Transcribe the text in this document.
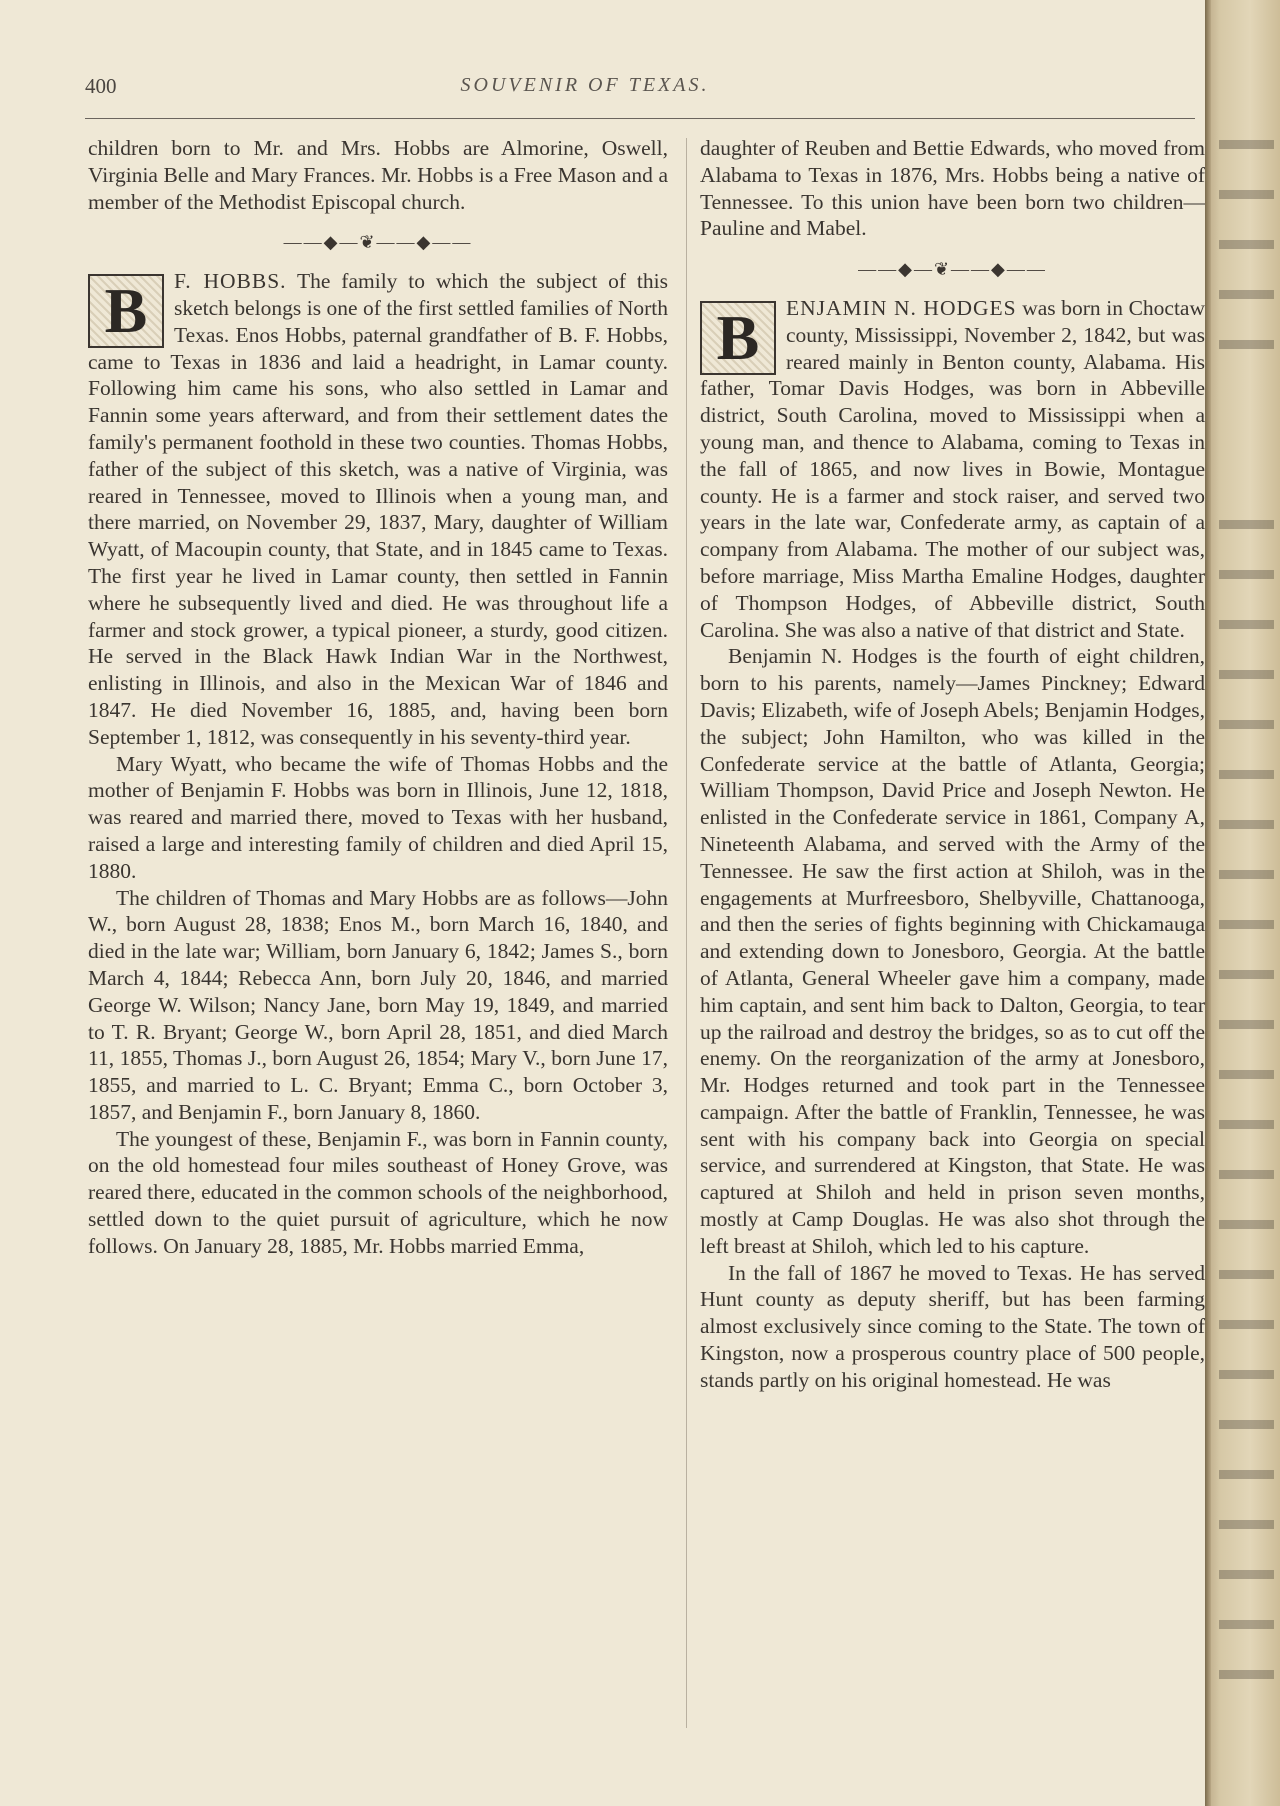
400	SOUVENIR OF TEXAS.

children born to Mr. and Mrs. Hobbs are Almorine, Oswell, Virginia Belle and Mary Frances. Mr. Hobbs is a Free Mason and a member of the Methodist Episcopal church.

——◆—❦——◆——

B	F. HOBBS. The family to which the subject of this sketch belongs is one of the first settled families of North Texas. Enos Hobbs, paternal grandfather of B. F. Hobbs, came to Texas in 1836 and laid a headright, in Lamar county. Following him came his sons, who also settled in Lamar and Fannin some years afterward, and from their settlement dates the family's permanent foothold in these two counties. Thomas Hobbs, father of the subject of this sketch, was a native of Virginia, was reared in Tennessee, moved to Illinois when a young man, and there married, on November 29, 1837, Mary, daughter of William Wyatt, of Macoupin county, that State, and in 1845 came to Texas. The first year he lived in Lamar county, then settled in Fannin where he subsequently lived and died. He was throughout life a farmer and stock grower, a typical pioneer, a sturdy, good citizen. He served in the Black Hawk Indian War in the Northwest, enlisting in Illinois, and also in the Mexican War of 1846 and 1847. He died November 16, 1885, and, having been born September 1, 1812, was consequently in his seventy-third year.

Mary Wyatt, who became the wife of Thomas Hobbs and the mother of Benjamin F. Hobbs was born in Illinois, June 12, 1818, was reared and married there, moved to Texas with her husband, raised a large and interesting family of children and died April 15, 1880.

The children of Thomas and Mary Hobbs are as follows—John W., born August 28, 1838; Enos M., born March 16, 1840, and died in the late war; William, born January 6, 1842; James S., born March 4, 1844; Rebecca Ann, born July 20, 1846, and married George W. Wilson; Nancy Jane, born May 19, 1849, and married to T. R. Bryant; George W., born April 28, 1851, and died March 11, 1855, Thomas J., born August 26, 1854; Mary V., born June 17, 1855, and married to L. C. Bryant; Emma C., born October 3, 1857, and Benjamin F., born January 8, 1860.

The youngest of these, Benjamin F., was born in Fannin county, on the old homestead four miles southeast of Honey Grove, was reared there, educated in the common schools of the neighborhood, settled down to the quiet pursuit of agriculture, which he now follows. On January 28, 1885, Mr. Hobbs married Emma,

daughter of Reuben and Bettie Edwards, who moved from Alabama to Texas in 1876, Mrs. Hobbs being a native of Tennessee. To this union have been born two children—Pauline and Mabel.

——◆—❦——◆——

B	ENJAMIN N. HODGES was born in Choctaw county, Mississippi, November 2, 1842, but was reared mainly in Benton county, Alabama. His father, Tomar Davis Hodges, was born in Abbeville district, South Carolina, moved to Mississippi when a young man, and thence to Alabama, coming to Texas in the fall of 1865, and now lives in Bowie, Montague county. He is a farmer and stock raiser, and served two years in the late war, Confederate army, as captain of a company from Alabama. The mother of our subject was, before marriage, Miss Martha Emaline Hodges, daughter of Thompson Hodges, of Abbeville district, South Carolina. She was also a native of that district and State.

Benjamin N. Hodges is the fourth of eight children, born to his parents, namely—James Pinckney; Edward Davis; Elizabeth, wife of Joseph Abels; Benjamin Hodges, the subject; John Hamilton, who was killed in the Confederate service at the battle of Atlanta, Georgia; William Thompson, David Price and Joseph Newton. He enlisted in the Confederate service in 1861, Company A, Nineteenth Alabama, and served with the Army of the Tennessee. He saw the first action at Shiloh, was in the engagements at Murfreesboro, Shelbyville, Chattanooga, and then the series of fights beginning with Chickamauga and extending down to Jonesboro, Georgia. At the battle of Atlanta, General Wheeler gave him a company, made him captain, and sent him back to Dalton, Georgia, to tear up the railroad and destroy the bridges, so as to cut off the enemy. On the reorganization of the army at Jonesboro, Mr. Hodges returned and took part in the Tennessee campaign. After the battle of Franklin, Tennessee, he was sent with his company back into Georgia on special service, and surrendered at Kingston, that State. He was captured at Shiloh and held in prison seven months, mostly at Camp Douglas. He was also shot through the left breast at Shiloh, which led to his capture.

In the fall of 1867 he moved to Texas. He has served Hunt county as deputy sheriff, but has been farming almost exclusively since coming to the State. The town of Kingston, now a prosperous country place of 500 people, stands partly on his original homestead. He was
